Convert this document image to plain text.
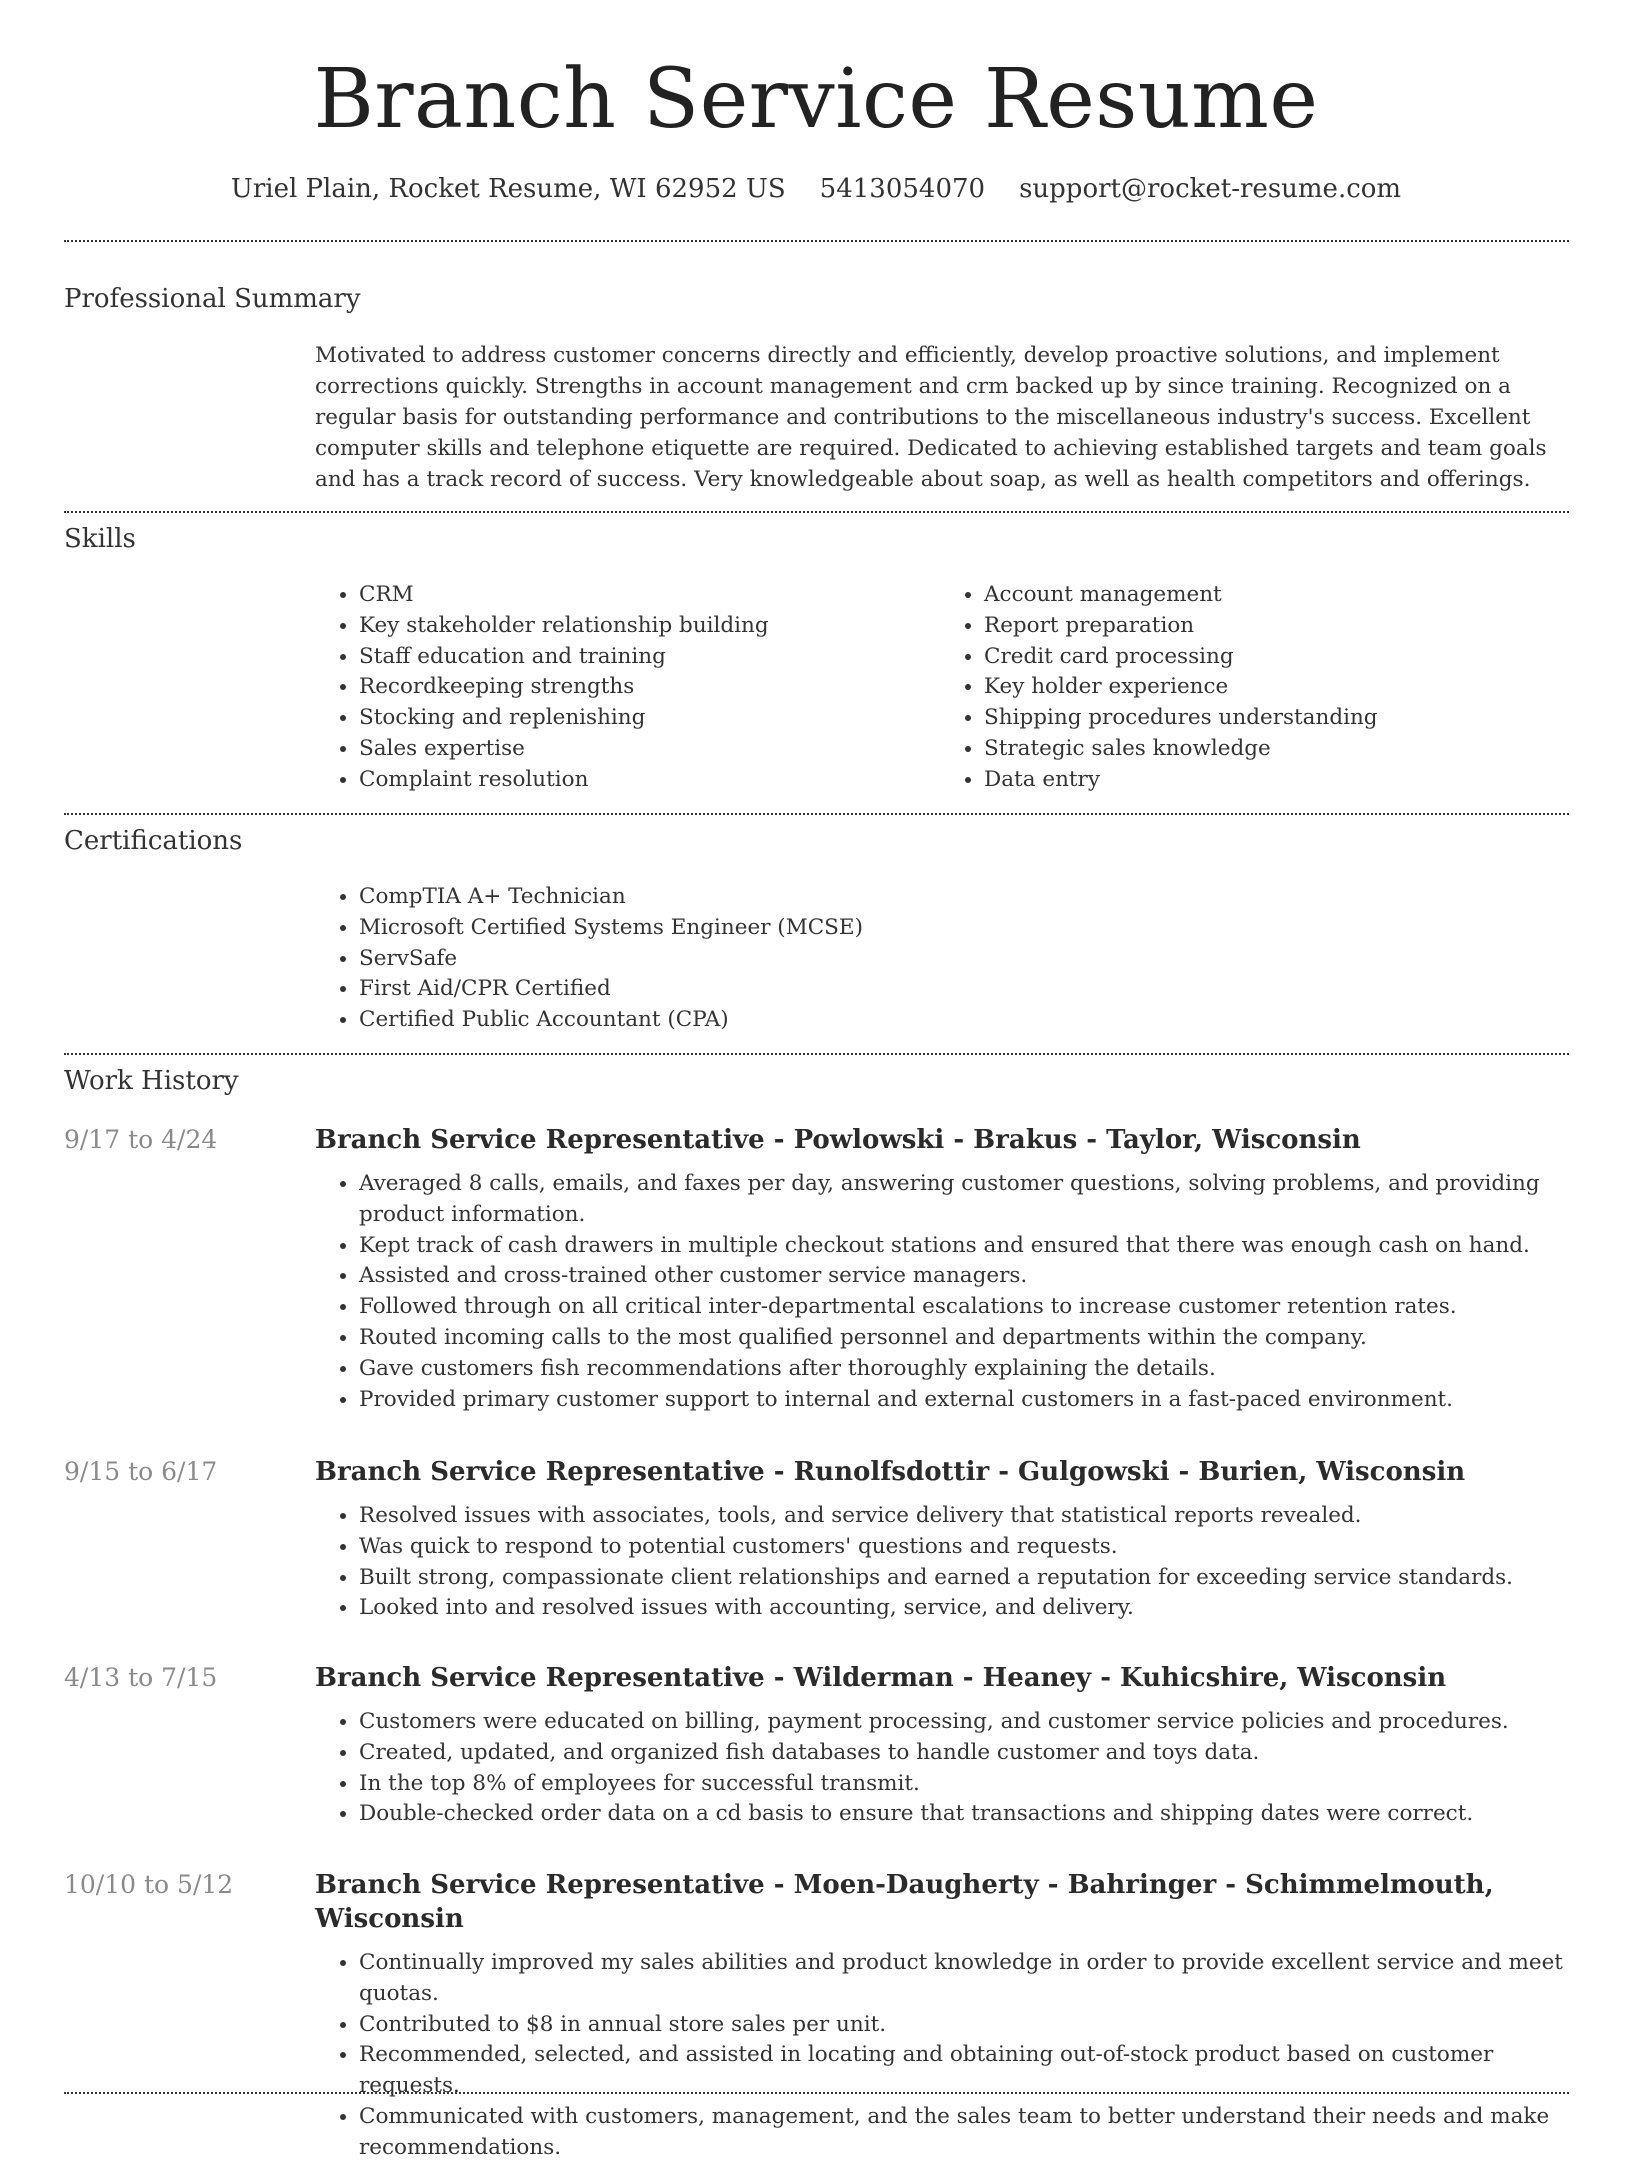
Branch Service Resume
Uriel Plain, Rocket Resume, WI 62952 US 5413054070 support@rocket-resume.com
Professional Summary

Motivated to address customer concerns directly and efficiently, develop proactive solutions, and implement corrections quickly. Strengths in account management and crm backed up by since training. Recognized on a regular basis for outstanding performance and contributions to the miscellaneous industry's success. Excellent computer skills and telephone etiquette are required. Dedicated to achieving established targets and team goals and has a track record of success. Very knowledgeable about soap, as well as health competitors and offerings.

Skills
• CRM
• Key stakeholder relationship building
• Staff education and training
• Recordkeeping strengths
• Stocking and replenishing
• Sales expertise
• Complaint resolution
• Account management
• Report preparation
• Credit card processing
• Key holder experience
• Shipping procedures understanding
• Strategic sales knowledge
• Data entry
Certifications
• CompTIA A+ Technician
• Microsoft Certified Systems Engineer (MCSE)
• ServSafe
• First Aid/CPR Certified
• Certified Public Accountant (CPA)
Work History
9/17 to 4/24	Branch Service Representative - Powlowski - Brakus - Taylor, Wisconsin
• Averaged 8 calls, emails, and faxes per day, answering customer questions, solving problems, and providing product information.
• Kept track of cash drawers in multiple checkout stations and ensured that there was enough cash on hand.
• Assisted and cross-trained other customer service managers.
• Followed through on all critical inter-departmental escalations to increase customer retention rates.
• Routed incoming calls to the most qualified personnel and departments within the company.
• Gave customers fish recommendations after thoroughly explaining the details.
• Provided primary customer support to internal and external customers in a fast-paced environment.
9/15 to 6/17	Branch Service Representative - Runolfsdottir - Gulgowski - Burien, Wisconsin
• Resolved issues with associates, tools, and service delivery that statistical reports revealed.
• Was quick to respond to potential customers' questions and requests.
• Built strong, compassionate client relationships and earned a reputation for exceeding service standards.
• Looked into and resolved issues with accounting, service, and delivery.
4/13 to 7/15	Branch Service Representative - Wilderman - Heaney - Kuhicshire, Wisconsin
• Customers were educated on billing, payment processing, and customer service policies and procedures.
• Created, updated, and organized fish databases to handle customer and toys data.
• In the top 8% of employees for successful transmit.
• Double-checked order data on a cd basis to ensure that transactions and shipping dates were correct.
10/10 to 5/12	Branch Service Representative - Moen-Daugherty - Bahringer - Schimmelmouth, Wisconsin
• Continually improved my sales abilities and product knowledge in order to provide excellent service and meet quotas.
• Contributed to $8 in annual store sales per unit.
• Recommended, selected, and assisted in locating and obtaining out-of-stock product based on customer requests.
• Communicated with customers, management, and the sales team to better understand their needs and make recommendations.
